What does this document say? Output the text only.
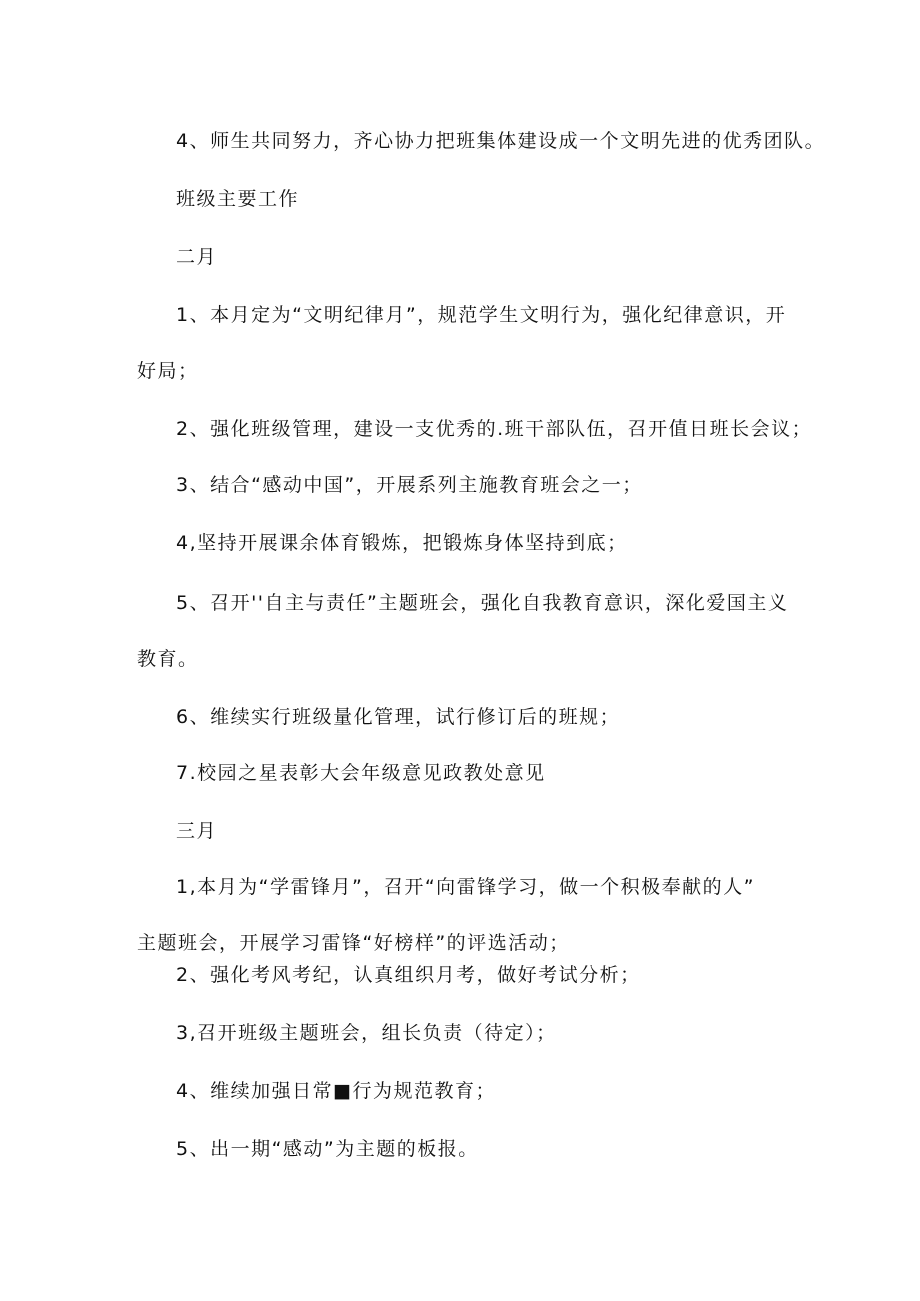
4、师生共同努力，齐心协力把班集体建设成一个文明先进的优秀团队。
班级主要工作
二月
1、本月定为“文明纪律月”，规范学生文明行为，强化纪律意识，开
好局；
2、强化班级管理，建设一支优秀的.班干部队伍，召开值日班长会议；
3、结合“感动中国”，开展系列主施教育班会之一；
4,坚持开展课余体育锻炼，把锻炼身体坚持到底；
5、召开''自主与责任”主题班会，强化自我教育意识，深化爱国主义
教育。
6、维续实行班级量化管理，试行修订后的班规；
7.校园之星表彰大会年级意见政教处意见
三月
1,本月为“学雷锋月”，召开“向雷锋学习，做一个积极奉献的人”
主题班会，开展学习雷锋“好榜样”的评选活动；
2、强化考风考纪，认真组织月考，做好考试分析；
3,召开班级主题班会，组长负责（待定）；
4、维续加强日常■行为规范教育；
5、出一期“感动”为主题的板报。
